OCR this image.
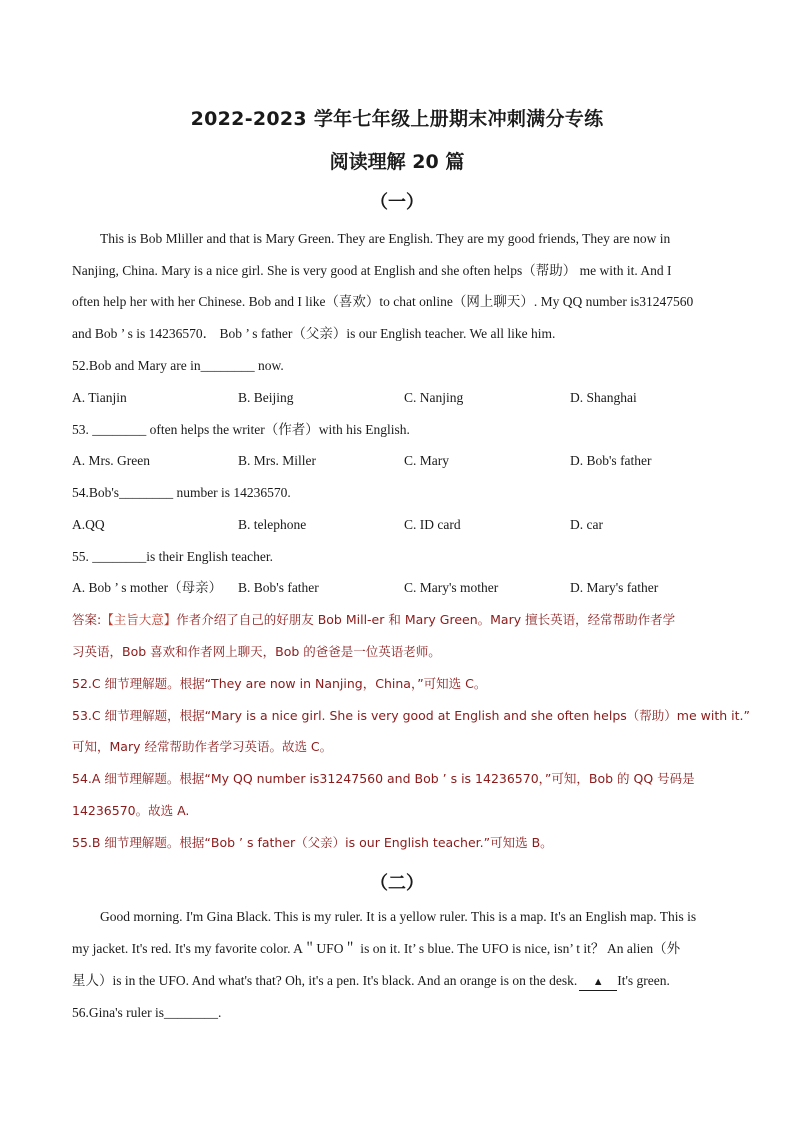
2022-2023 学年七年级上册期末冲刺满分专练
阅读理解 20 篇
（一）
This is Bob Mliller and that is Mary Green. They are English. They are my good friends, They are now in
Nanjing, China. Mary is a nice girl. She is very good at English and she often helps（帮助） me with it. And I
often help her with her Chinese. Bob and I like（喜欢）to chat online（网上聊天）. My QQ number is31247560
and Bob ’ s is 14236570． Bob ’ s father（父亲）is our English teacher. We all like him.
52.Bob and Mary are in________ now.
A. Tianjin	B. Beijing	C. Nanjing	D. Shanghai
53. ________ often helps the writer（作者）with his English.
A. Mrs. Green	B. Mrs. Miller	C. Mary	D. Bob's father
54.Bob's________ number is 14236570.
A.QQ	B. telephone	C. ID card	D. car
55. ________is their English teacher.
A. Bob ’ s mother（母亲） B. Bob's father	C. Mary's mother	D. Mary's father
答案:【主旨大意】作者介绍了自己的好朋友 Bob Mill-er 和 Mary Green。Mary 擅长英语，经常帮助作者学
习英语，Bob 喜欢和作者网上聊天，Bob 的爸爸是一位英语老师。
52.C 细节理解题。根据“They are now in Nanjing，China，”可知选 C。
53.C 细节理解题，根据“Mary is a nice girl. She is very good at English and she often helps（帮助）me with it.”
可知，Mary 经常帮助作者学习英语。故选 C。
54.A 细节理解题。根据“My QQ number is31247560 and Bob ’ s is 14236570，”可知，Bob 的 QQ 号码是
14236570。故选 A.
55.B 细节理解题。根据“Bob ’ s father（父亲）is our English teacher.”可知选 B。
（二）
Good morning. I'm Gina Black. This is my ruler. It is a yellow ruler. This is a map. It's an English map. This is
my jacket. It's red. It's my favorite color. A＂UFO＂ is on it. It’ s blue. The UFO is nice, isn’ t it？ An alien（外
星人）is in the UFO. And what's that? Oh, it's a pen. It's black. And an orange is on the desk. ▲ It's green.
56.Gina's ruler is________.
